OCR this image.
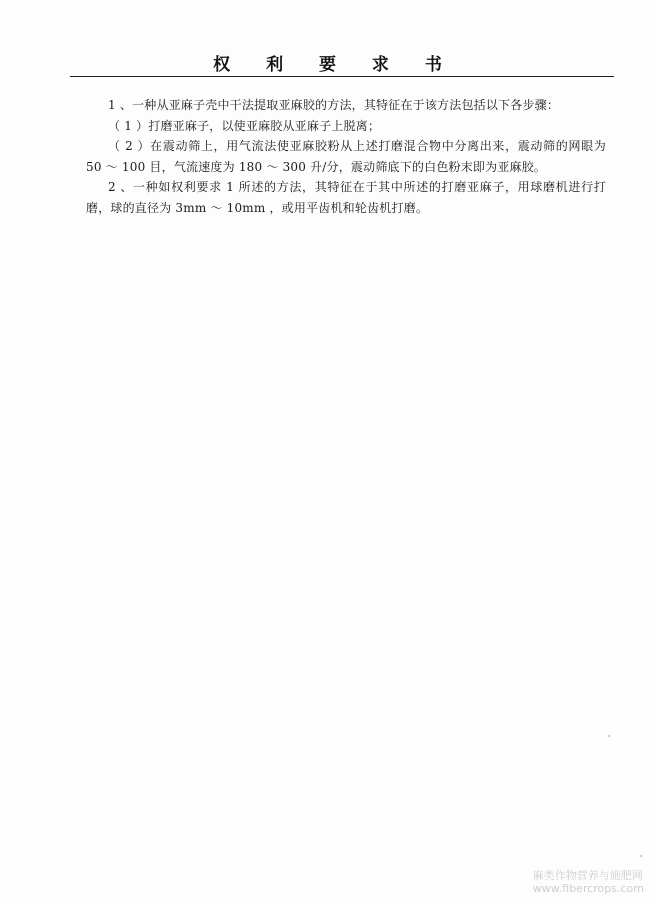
权 利 要 求 书

1 、一种从亚麻子壳中干法提取亚麻胶的方法，其特征在于该方法包括以下各步骤：

（ 1 ）打磨亚麻子，以使亚麻胶从亚麻子上脱离；

（ 2 ）在震动筛上，用气流法使亚麻胶粉从上述打磨混合物中分离出来，震动筛的网眼为 50 ～ 100 目，气流速度为 180 ～ 300 升/分，震动筛底下的白色粉末即为亚麻胶。

2 、一种如权利要求 1 所述的方法，其特征在于其中所述的打磨亚麻子，用球磨机进行打磨，球的直径为 3mm ～ 10mm ，或用平齿机和轮齿机打磨。

麻类作物营养与施肥网
www.fibercrops.com
